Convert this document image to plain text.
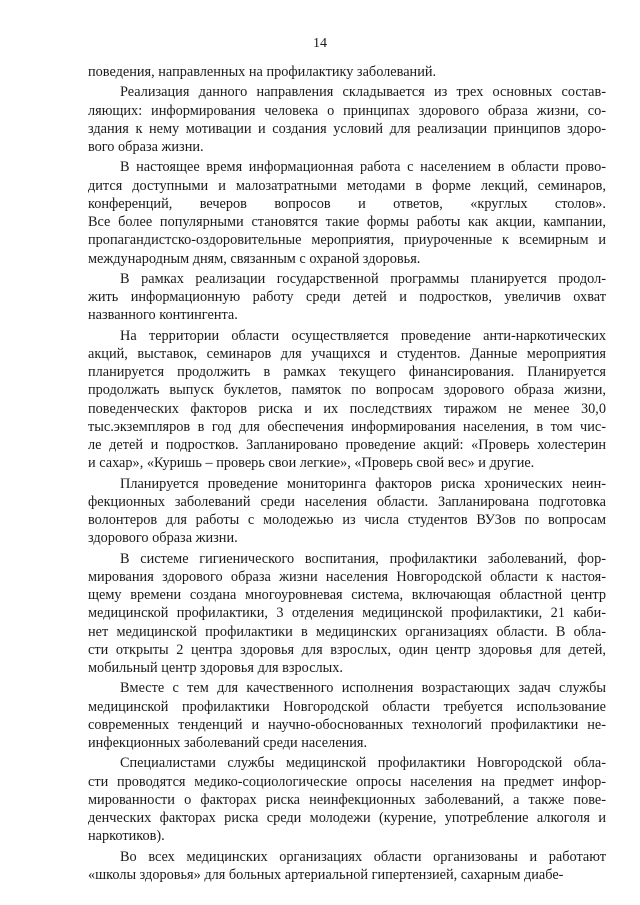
14
поведения, направленных на профилактику заболеваний.
Реализация данного направления складывается из трех основных состав-
ляющих: информирования человека о принципах здорового образа жизни, со-
здания к нему мотивации и создания условий для реализации принципов здоро-
вого образа жизни.
В настоящее время информационная работа с населением в области прово-
дится доступными и малозатратными методами в форме лекций, семинаров,
конференций, вечеров вопросов и ответов, «круглых столов».
Все более популярными становятся такие формы работы как акции, кампании,
пропагандистско-оздоровительные мероприятия, приуроченные к всемирным и
международным дням, связанным с охраной здоровья.
В рамках реализации государственной программы планируется продол-
жить информационную работу среди детей и подростков, увеличив охват
названного контингента.
На территории области осуществляется проведение анти-наркотических
акций, выставок, семинаров для учащихся и студентов. Данные мероприятия
планируется продолжить в рамках текущего финансирования. Планируется
продолжать выпуск буклетов, памяток по вопросам здорового образа жизни,
поведенческих факторов риска и их последствиях тиражом не менее 30,0
тыс.экземпляров в год для обеспечения информирования населения, в том чис-
ле детей и подростков. Запланировано проведение акций: «Проверь холестерин
и сахар», «Куришь – проверь свои легкие», «Проверь свой вес» и другие.
Планируется проведение мониторинга факторов риска хронических неин-
фекционных заболеваний среди населения области. Запланирована подготовка
волонтеров для работы с молодежью из числа студентов ВУЗов по вопросам
здорового образа жизни.
В системе гигиенического воспитания, профилактики заболеваний, фор-
мирования здорового образа жизни населения Новгородской области к настоя-
щему времени создана многоуровневая система, включающая областной центр
медицинской профилактики, 3 отделения медицинской профилактики, 21 каби-
нет медицинской профилактики в медицинских организациях области. В обла-
сти открыты 2 центра здоровья для взрослых, один центр здоровья для детей,
мобильный центр здоровья для взрослых.
Вместе с тем для качественного исполнения возрастающих задач службы
медицинской профилактики Новгородской области требуется использование
современных тенденций и научно-обоснованных технологий профилактики не-
инфекционных заболеваний среди населения.
Специалистами службы медицинской профилактики Новгородской обла-
сти проводятся медико-социологические опросы населения на предмет инфор-
мированности о факторах риска неинфекционных заболеваний, а также пове-
денческих факторах риска среди молодежи (курение, употребление алкоголя и
наркотиков).
Во всех медицинских организациях области организованы и работают
«школы здоровья» для больных артериальной гипертензией, сахарным диабе-
